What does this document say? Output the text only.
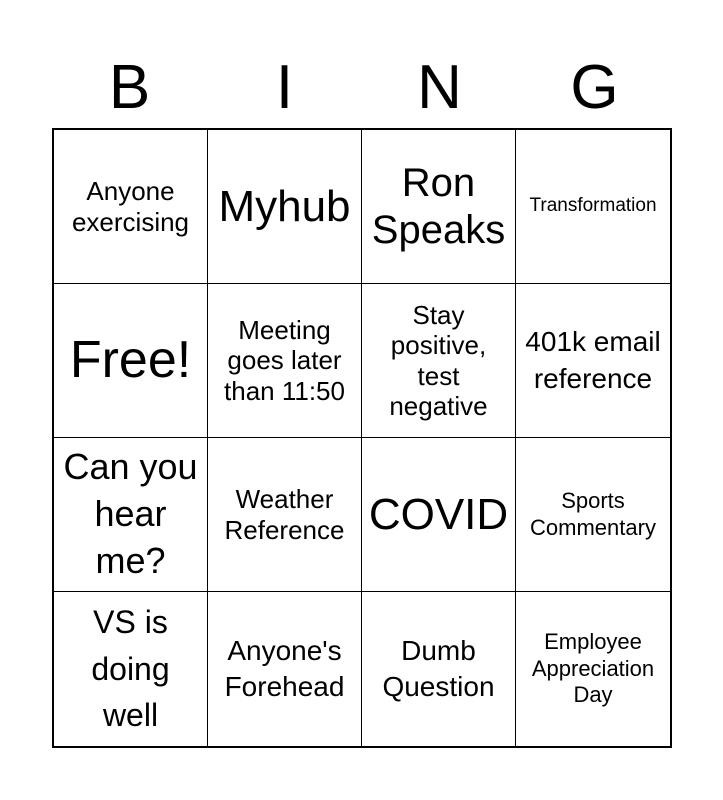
B	I	N	G
Anyone exercising Myhub	Ron Speaks
Transformation
Free!
Meeting goes later than 11:50
Stay positive, test negative
401k email reference
Can you hear me?
Weather Reference COVID	Sports Commentary
VS is doing well
Anyone's Forehead
Dumb Question
Employee Appreciation Day
